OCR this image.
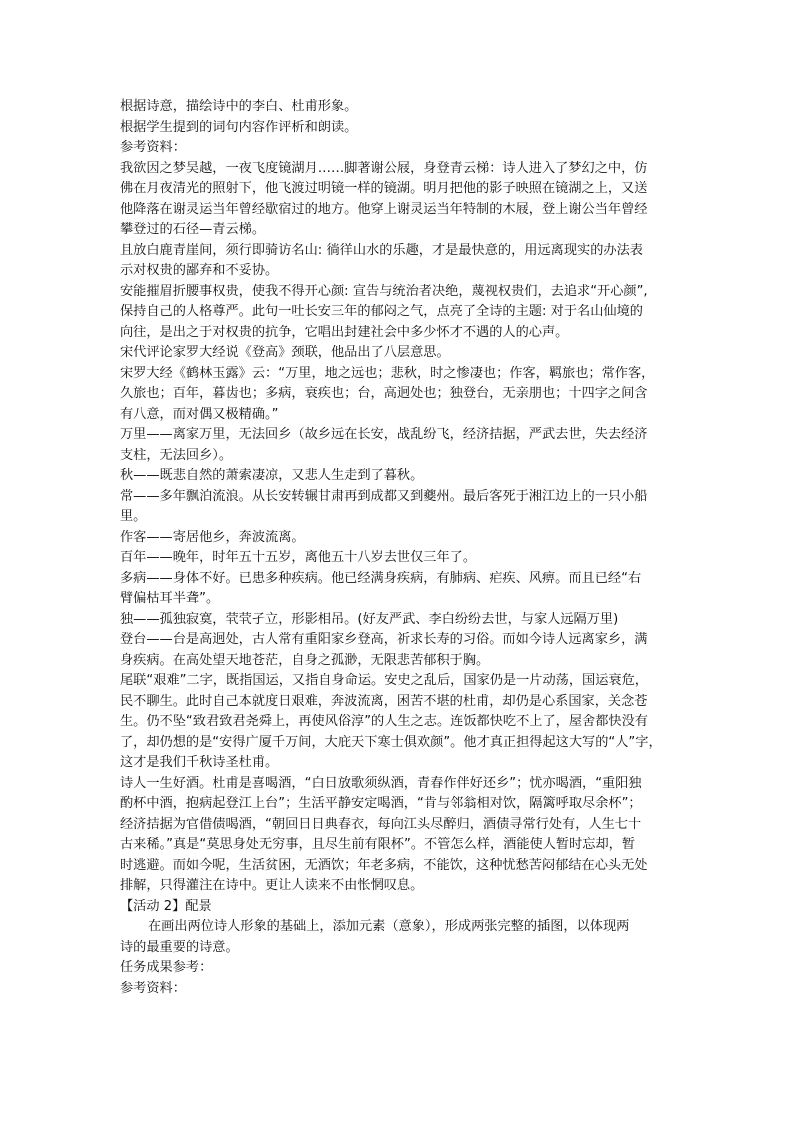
根据诗意，描绘诗中的李白、杜甫形象。

根据学生提到的词句内容作评析和朗读。

参考资料：

我欲因之梦吴越，一夜飞度镜湖月……脚著谢公屐，身登青云梯：诗人进入了梦幻之中，仿

佛在月夜清光的照射下，他飞渡过明镜一样的镜湖。明月把他的影子映照在镜湖之上，又送

他降落在谢灵运当年曾经歇宿过的地方。他穿上谢灵运当年特制的木屐，登上谢公当年曾经

攀登过的石径—青云梯。

且放白鹿青崖间，须行即骑访名山: 徜徉山水的乐趣，才是最快意的，用远离现实的办法表

示对权贵的鄙弃和不妥协。

安能摧眉折腰事权贵，使我不得开心颜: 宣告与统治者决绝，蔑视权贵们，去追求“开心颜”,

保持自己的人格尊严。此句一吐长安三年的郁闷之气，点亮了全诗的主题: 对于名山仙境的

向往，是出之于对权贵的抗争，它唱出封建社会中多少怀才不遇的人的心声。

宋代评论家罗大经说《登高》颈联，他品出了八层意思。

宋罗大经《鹤林玉露》云：“万里，地之远也；悲秋，时之惨凄也；作客，羁旅也；常作客，

久旅也；百年，暮齿也；多病，衰疾也；台，高迥处也；独登台，无亲朋也；十四字之间含

有八意，而对偶又极精确。”

万里——离家万里，无法回乡（故乡远在长安，战乱纷飞，经济拮据，严武去世，失去经济

支柱，无法回乡）。

秋——既悲自然的萧索凄凉，又悲人生走到了暮秋。

常——多年飘泊流浪。从长安转辗甘肃再到成都又到夔州。最后客死于湘江边上的一只小船

里。

作客——寄居他乡，奔波流离。

百年——晚年，时年五十五岁，离他五十八岁去世仅三年了。

多病——身体不好。已患多种疾病。他已经满身疾病，有肺病、疟疾、风痹。而且已经“右

臂偏枯耳半聋”。

独——孤独寂寞，茕茕孑立，形影相吊。(好友严武、李白纷纷去世，与家人远隔万里)

登台——台是高迥处，古人常有重阳家乡登高，祈求长寿的习俗。而如今诗人远离家乡，满

身疾病。在高处望天地苍茫，自身之孤渺，无限悲苦郁积于胸。

尾联“艰难”二字，既指国运，又指自身命运。安史之乱后，国家仍是一片动荡，国运衰危，

民不聊生。此时自己本就度日艰难，奔波流离，困苦不堪的杜甫，却仍是心系国家，关念苍

生。仍不坠“致君致君尧舜上，再使风俗淳”的人生之志。连饭都快吃不上了，屋舍都快没有

了，却仍想的是“安得广厦千万间，大庇天下寒士俱欢颜”。他才真正担得起这大写的“人”字，

这才是我们千秋诗圣杜甫。

诗人一生好酒。杜甫是喜喝酒，“白日放歌须纵酒，青春作伴好还乡”；忧亦喝酒，“重阳独

酌杯中酒，抱病起登江上台”；生活平静安定喝酒，“肯与邻翁相对饮，隔篱呼取尽余杯”；

经济拮据为官借债喝酒，“朝回日日典春衣，每向江头尽醉归，酒债寻常行处有，人生七十

古来稀。”真是“莫思身处无穷事，且尽生前有限杯”。不管怎么样，酒能使人暂时忘却，暂

时逃避。而如今呢，生活贫困，无酒饮；年老多病，不能饮，这种忧愁苦闷郁结在心头无处

排解，只得灌注在诗中。更让人读来不由怅惘叹息。

【活动 2】配景

在画出两位诗人形象的基础上，添加元素（意象），形成两张完整的插图，以体现两

诗的最重要的诗意。

任务成果参考：

参考资料：
